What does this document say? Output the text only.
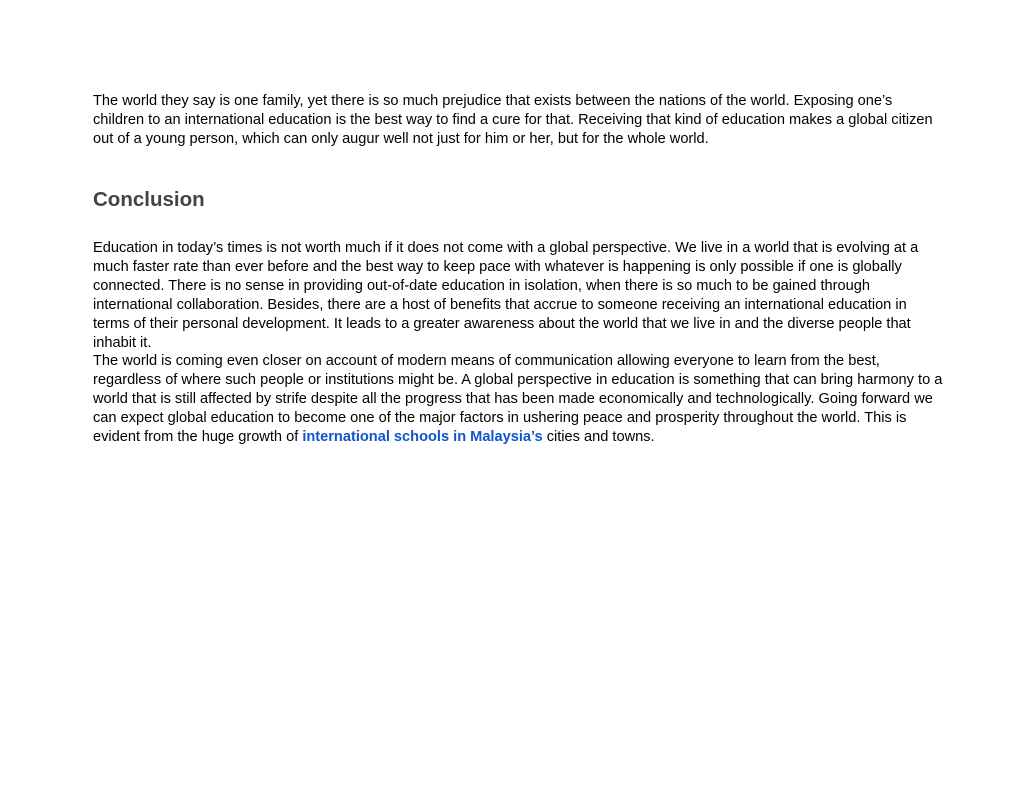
The world they say is one family, yet there is so much prejudice that exists between the nations of the world. Exposing one’s children to an international education is the best way to find a cure for that. Receiving that kind of education makes a global citizen out of a young person, which can only augur well not just for him or her, but for the whole world.

Conclusion

Education in today’s times is not worth much if it does not come with a global perspective. We live in a world that is evolving at a much faster rate than ever before and the best way to keep pace with whatever is happening is only possible if one is globally connected. There is no sense in providing out-of-date education in isolation, when there is so much to be gained through international collaboration. Besides, there are a host of benefits that accrue to someone receiving an international education in terms of their personal development. It leads to a greater awareness about the world that we live in and the diverse people that inhabit it.

The world is coming even closer on account of modern means of communication allowing everyone to learn from the best, regardless of where such people or institutions might be. A global perspective in education is something that can bring harmony to a world that is still affected by strife despite all the progress that has been made economically and technologically. Going forward we can expect global education to become one of the major factors in ushering peace and prosperity throughout the world. This is evident from the huge growth of international schools in Malaysia’s cities and towns.
